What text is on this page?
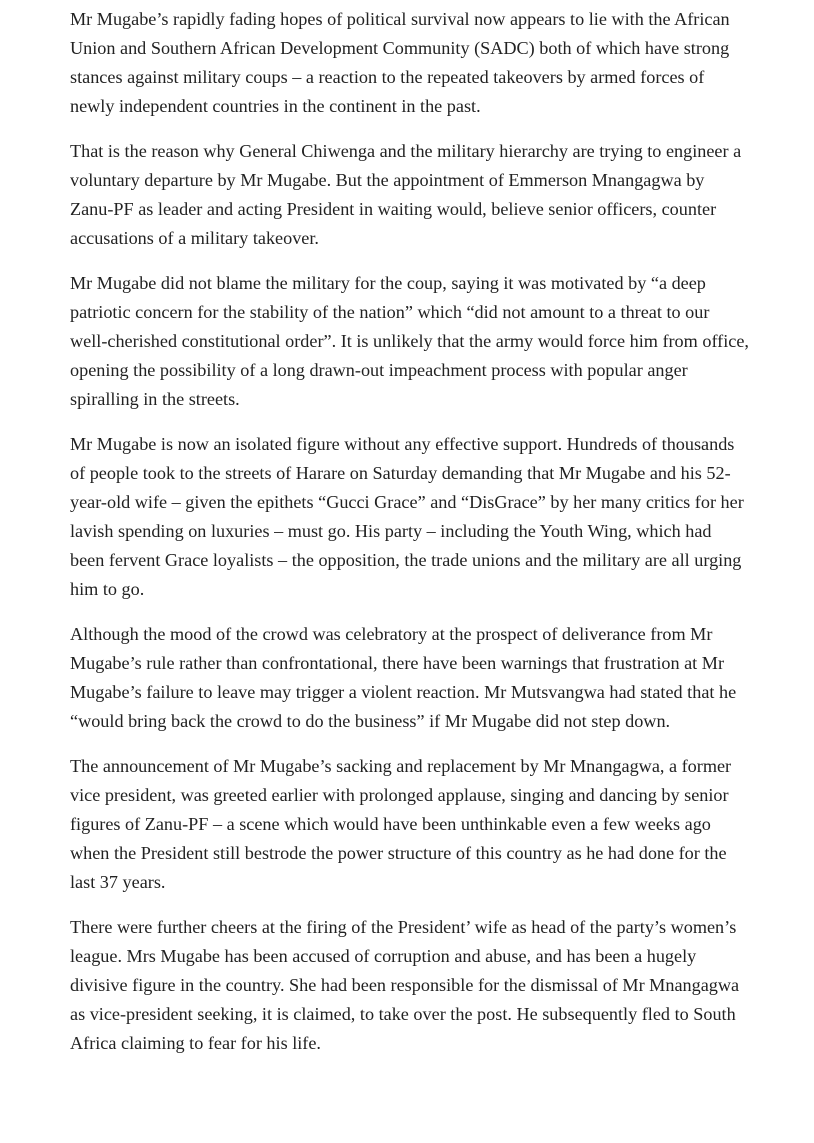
Mr Mugabe’s rapidly fading hopes of political survival now appears to lie with the African Union and Southern African Development Community (SADC) both of which have strong stances against military coups – a reaction to the repeated takeovers by armed forces of newly independent countries in the continent in the past.

That is the reason why General Chiwenga and the military hierarchy are trying to engineer a voluntary departure by Mr Mugabe. But the appointment of Emmerson Mnangagwa by Zanu-PF as leader and acting President in waiting would, believe senior officers, counter accusations of a military takeover.

Mr Mugabe did not blame the military for the coup, saying it was motivated by “a deep patriotic concern for the stability of the nation” which “did not amount to a threat to our well-cherished constitutional order”. It is unlikely that the army would force him from office, opening the possibility of a long drawn-out impeachment process with popular anger spiralling in the streets.

Mr Mugabe is now an isolated figure without any effective support. Hundreds of thousands of people took to the streets of Harare on Saturday demanding that Mr Mugabe and his 52-year-old wife – given the epithets “Gucci Grace” and “DisGrace” by her many critics for her lavish spending on luxuries – must go. His party – including the Youth Wing, which had been fervent Grace loyalists – the opposition, the trade unions and the military are all urging him to go.

Although the mood of the crowd was celebratory at the prospect of deliverance from Mr Mugabe’s rule rather than confrontational, there have been warnings that frustration at Mr Mugabe’s failure to leave may trigger a violent reaction. Mr Mutsvangwa had stated that he “would bring back the crowd to do the business” if Mr Mugabe did not step down.

The announcement of Mr Mugabe’s sacking and replacement by Mr Mnangagwa, a former vice president, was greeted earlier with prolonged applause, singing and dancing by senior figures of Zanu-PF – a scene which would have been unthinkable even a few weeks ago when the President still bestrode the power structure of this country as he had done for the last 37 years.

There were further cheers at the firing of the President’ wife as head of the party’s women’s league. Mrs Mugabe has been accused of corruption and abuse, and has been a hugely divisive figure in the country. She had been responsible for the dismissal of Mr Mnangagwa as vice-president seeking, it is claimed, to take over the post. He subsequently fled to South Africa claiming to fear for his life.
